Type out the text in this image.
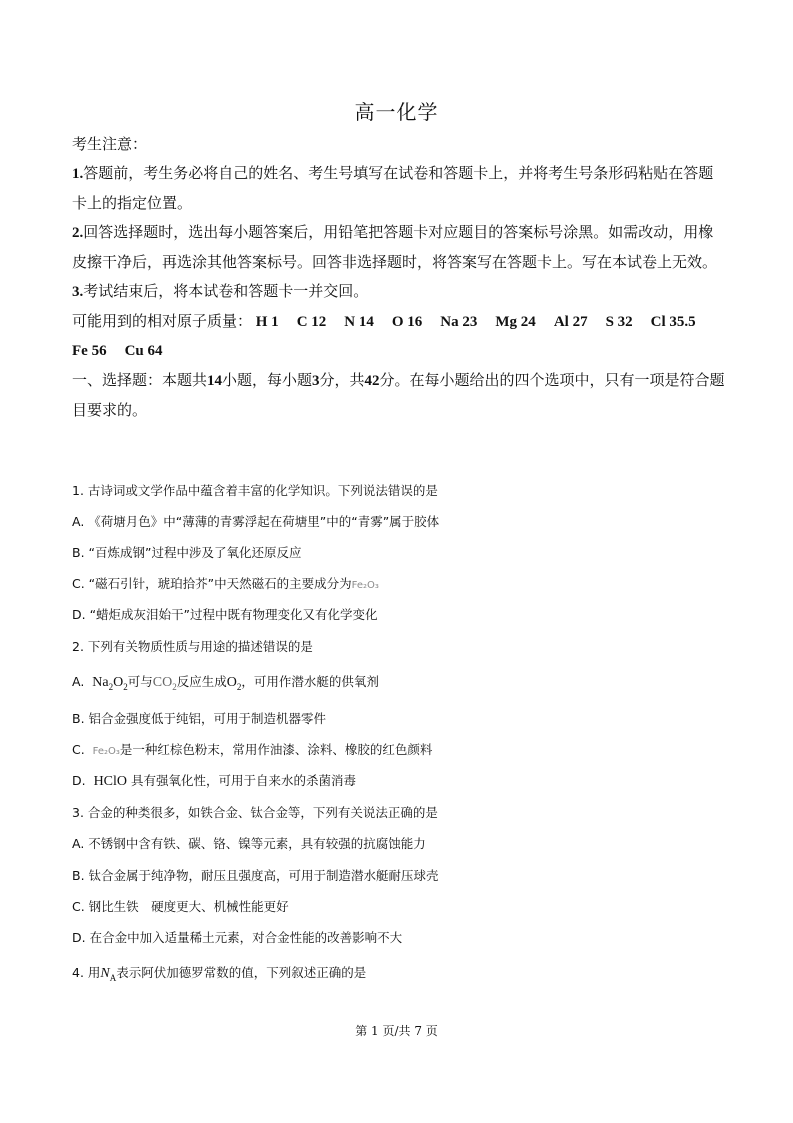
高一化学
考生注意：
1.答题前，考生务必将自己的姓名、考生号填写在试卷和答题卡上，并将考生号条形码粘贴在答题卡上的指定位置。
2.回答选择题时，选出每小题答案后，用铅笔把答题卡对应题目的答案标号涂黑。如需改动，用橡皮擦干净后，再选涂其他答案标号。回答非选择题时，将答案写在答题卡上。写在本试卷上无效。
3.考试结束后，将本试卷和答题卡一并交回。
可能用到的相对原子质量： H 1 C 12 N 14 O 16 Na 23 Mg 24 Al 27 S 32 Cl 35.5
Fe 56 Cu 64
一、选择题：本题共14小题，每小题3分，共42分。在每小题给出的四个选项中，只有一项是符合题目要求的。
1. 古诗词或文学作品中蕴含着丰富的化学知识。下列说法错误的是
A. 《荷塘月色》中“薄薄的青雾浮起在荷塘里”中的“青雾”属于胶体
B. “百炼成钢”过程中涉及了氧化还原反应
C. “磁石引针，琥珀拾芥”中天然磁石的主要成分为Fe₂O₃
D. “蜡炬成灰泪始干”过程中既有物理变化又有化学变化
2. 下列有关物质性质与用途的描述错误的是
A. $Na_2O_2$可与$CO_2$反应生成$O_2$，可用作潜水艇的供氧剂
B. 铝合金强度低于纯铝，可用于制造机器零件
C. Fe₂O₃是一种红棕色粉末，常用作油漆、涂料、橡胶的红色颜料
D. HClO 具有强氧化性，可用于自来水的杀菌消毒
3. 合金的种类很多，如铁合金、钛合金等，下列有关说法正确的是
A. 不锈钢中含有铁、碳、铬、镍等元素，具有较强的抗腐蚀能力
B. 钛合金属于纯净物，耐压且强度高，可用于制造潜水艇耐压球壳
C. 钢比生铁　硬度更大、机械性能更好
D. 在合金中加入适量稀土元素，对合金性能的改善影响不大
4. 用$N_A$表示阿伏加德罗常数的值，下列叙述正确的是
第 1 页/共 7 页
